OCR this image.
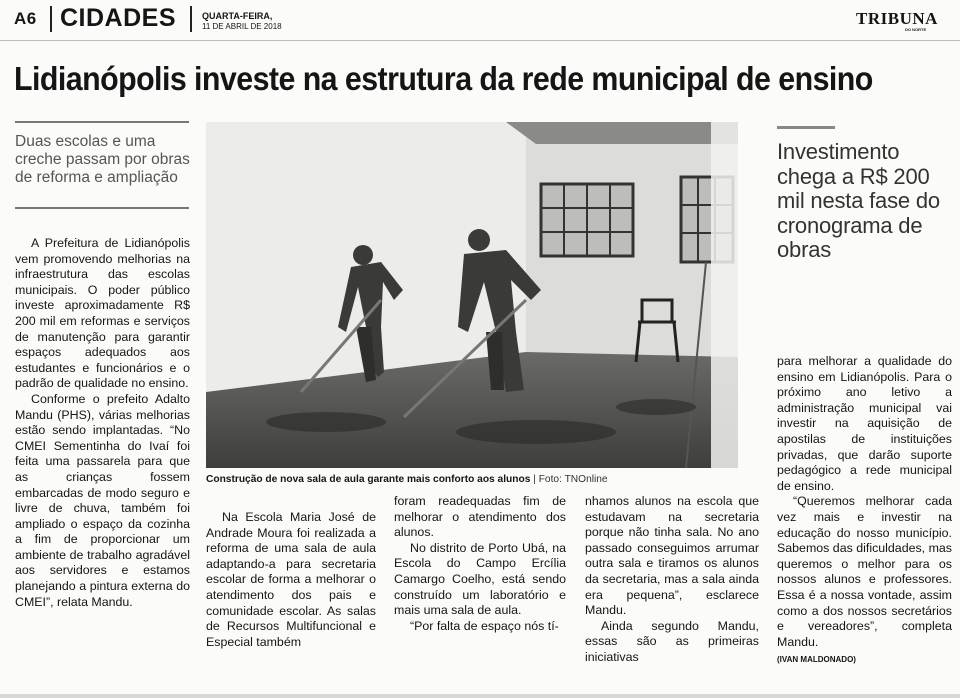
A6 CIDADES	QUARTA-FEIRA,
11 DE ABRIL DE 2018	TRIBUNA
DO NORTE
Lidianópolis investe na estrutura da rede municipal de ensino
Duas escolas e uma creche passam por obras de reforma e ampliação

A Prefeitura de Lidianópolis vem promovendo melhorias na infraestrutura das escolas municipais. O poder público investe aproximadamente R$ 200 mil em reformas e serviços de manutenção para garantir espaços adequados aos estudantes e funcionários e o padrão de qualidade no ensino.

Conforme o prefeito Adalto Mandu (PHS), várias melhorias estão sendo implantadas. “No CMEI Sementinha do Ivaí foi feita uma passarela para que as crianças fossem embarcadas de modo seguro e livre de chuva, também foi ampliado o espaço da cozinha a fim de proporcionar um ambiente de trabalho agradável aos servidores e estamos planejando a pintura externa do CMEI”, relata Mandu.

Construção de nova sala de aula garante mais conforto aos alunos | Foto: TNOnline
Investimento chega a R$ 200 mil nesta fase do cronograma de obras

Na Escola Maria José de Andrade Moura foi realizada a reforma de uma sala de aula adaptando-a para secretaria escolar de forma a melhorar o atendimento dos pais e comunidade escolar. As salas de Recursos Multifuncional e Especial também

foram readequadas fim de melhorar o atendimento dos alunos.

No distrito de Porto Ubá, na Escola do Campo Ercília Camargo Coelho, está sendo construído um laboratório e mais uma sala de aula.

“Por falta de espaço nós tí-

nhamos alunos na escola que estudavam na secretaria porque não tinha sala. No ano passado conseguimos arrumar outra sala e tiramos os alunos da secretaria, mas a sala ainda era pequena”, esclarece Mandu.

Ainda segundo Mandu, essas são as primeiras iniciativas

para melhorar a qualidade do ensino em Lidianópolis. Para o próximo ano letivo a administração municipal vai investir na aquisição de apostilas de instituições privadas, que darão suporte pedagógico a rede municipal de ensino.

“Queremos melhorar cada vez mais e investir na educação do nosso município. Sabemos das dificuldades, mas queremos o melhor para os nossos alunos e professores. Essa é a nossa vontade, assim como a dos nossos secretários e vereadores”, completa Mandu.

(IVAN MALDONADO)
